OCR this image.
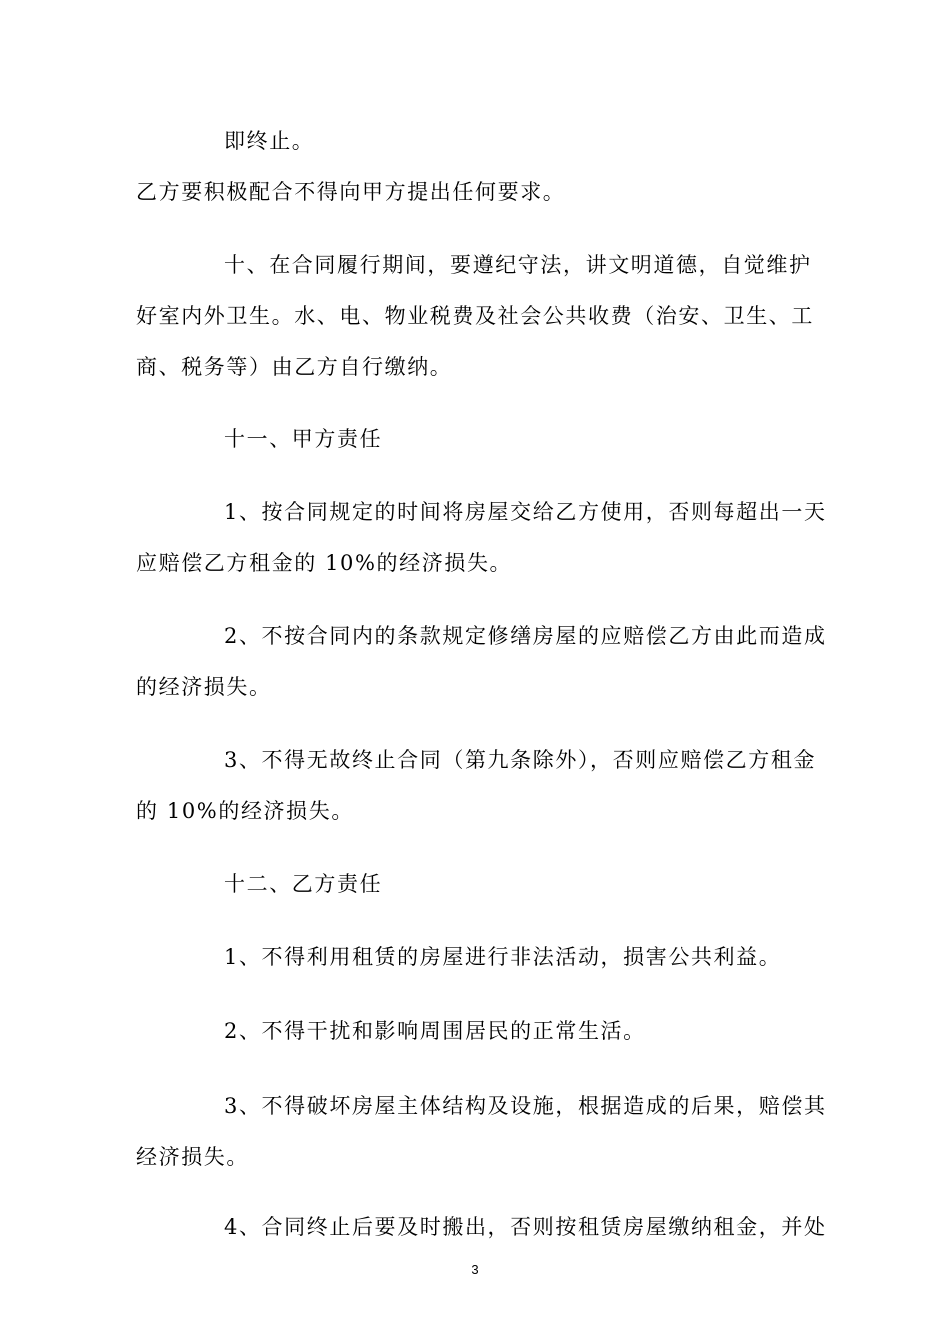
即终止。
乙方要积极配合不得向甲方提出任何要求。
十、在合同履行期间，要遵纪守法，讲文明道德，自觉维护
好室内外卫生。水、电、物业税费及社会公共收费（治安、卫生、工
商、税务等）由乙方自行缴纳。
十一、甲方责任
1、按合同规定的时间将房屋交给乙方使用，否则每超出一天
应赔偿乙方租金的 10%的经济损失。
2、不按合同内的条款规定修缮房屋的应赔偿乙方由此而造成
的经济损失。
3、不得无故终止合同（第九条除外），否则应赔偿乙方租金
的 10%的经济损失。
十二、乙方责任
1、不得利用租赁的房屋进行非法活动，损害公共利益。
2、不得干扰和影响周围居民的正常生活。
3、不得破坏房屋主体结构及设施，根据造成的后果，赔偿其
经济损失。
4、合同终止后要及时搬出，否则按租赁房屋缴纳租金，并处
3
